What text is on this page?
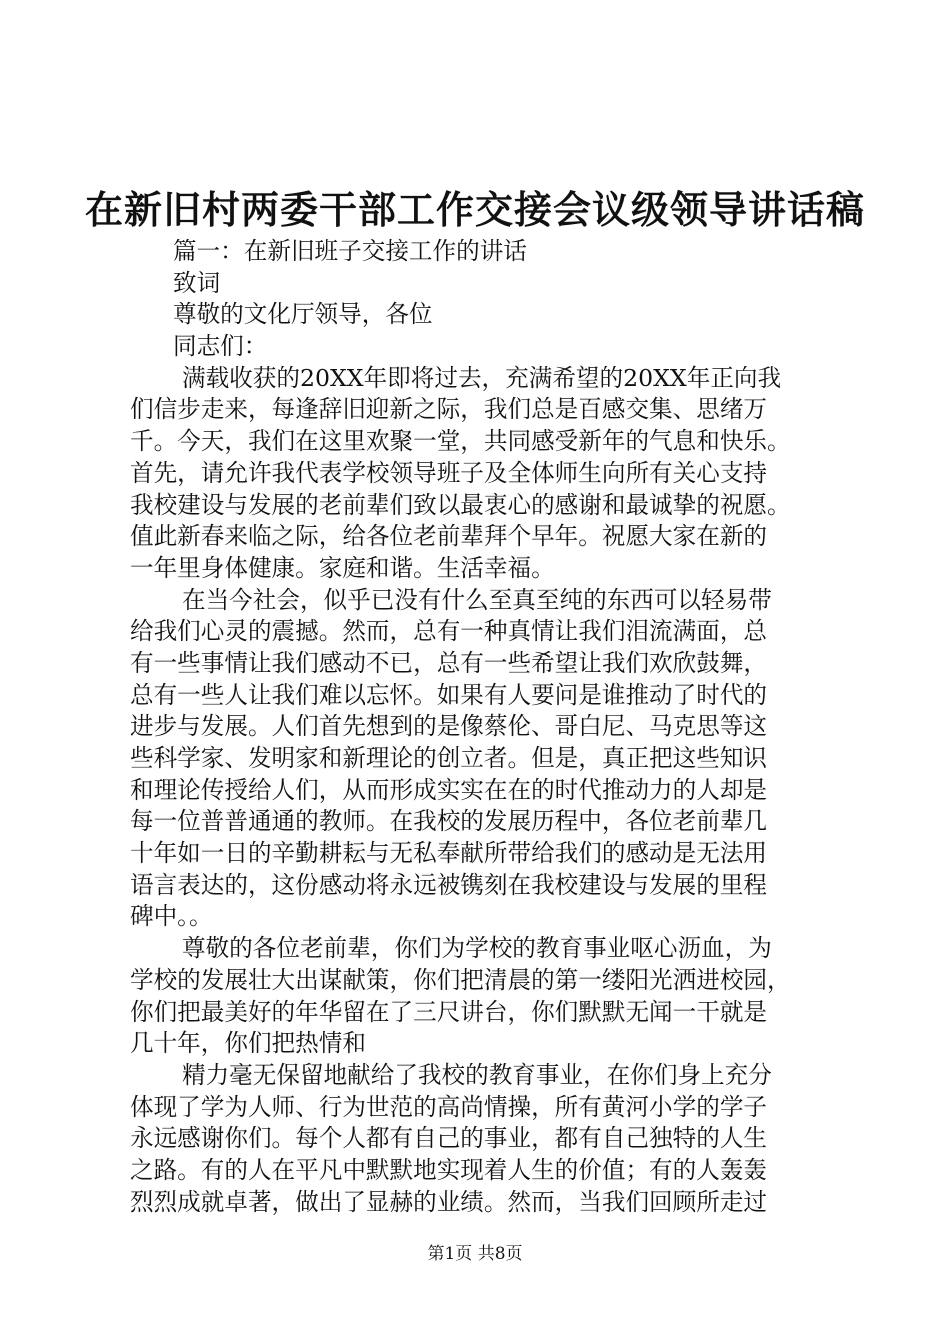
在新旧村两委干部工作交接会议级领导讲话稿
篇一：在新旧班子交接工作的讲话
致词
尊敬的文化厅领导，各位
同志们：
满载收获的20XX年即将过去，充满希望的20XX年正向我
们信步走来，每逢辞旧迎新之际，我们总是百感交集、思绪万
千。今天，我们在这里欢聚一堂，共同感受新年的气息和快乐。
首先，请允许我代表学校领导班子及全体师生向所有关心支持
我校建设与发展的老前辈们致以最衷心的感谢和最诚挚的祝愿。
值此新春来临之际，给各位老前辈拜个早年。祝愿大家在新的
一年里身体健康。家庭和谐。生活幸福。
在当今社会，似乎已没有什么至真至纯的东西可以轻易带
给我们心灵的震撼。然而，总有一种真情让我们泪流满面，总
有一些事情让我们感动不已，总有一些希望让我们欢欣鼓舞，
总有一些人让我们难以忘怀。如果有人要问是谁推动了时代的
进步与发展。人们首先想到的是像蔡伦、哥白尼、马克思等这
些科学家、发明家和新理论的创立者。但是，真正把这些知识
和理论传授给人们，从而形成实实在在的时代推动力的人却是
每一位普普通通的教师。在我校的发展历程中，各位老前辈几
十年如一日的辛勤耕耘与无私奉献所带给我们的感动是无法用
语言表达的，这份感动将永远被镌刻在我校建设与发展的里程
碑中。。
尊敬的各位老前辈，你们为学校的教育事业呕心沥血，为
学校的发展壮大出谋献策，你们把清晨的第一缕阳光洒进校园，
你们把最美好的年华留在了三尺讲台，你们默默无闻一干就是
几十年，你们把热情和
精力毫无保留地献给了我校的教育事业，在你们身上充分
体现了学为人师、行为世范的高尚情操，所有黄河小学的学子
永远感谢你们。每个人都有自己的事业，都有自己独特的人生
之路。有的人在平凡中默默地实现着人生的价值；有的人轰轰
烈烈成就卓著，做出了显赫的业绩。然而，当我们回顾所走过
第1页 共8页
